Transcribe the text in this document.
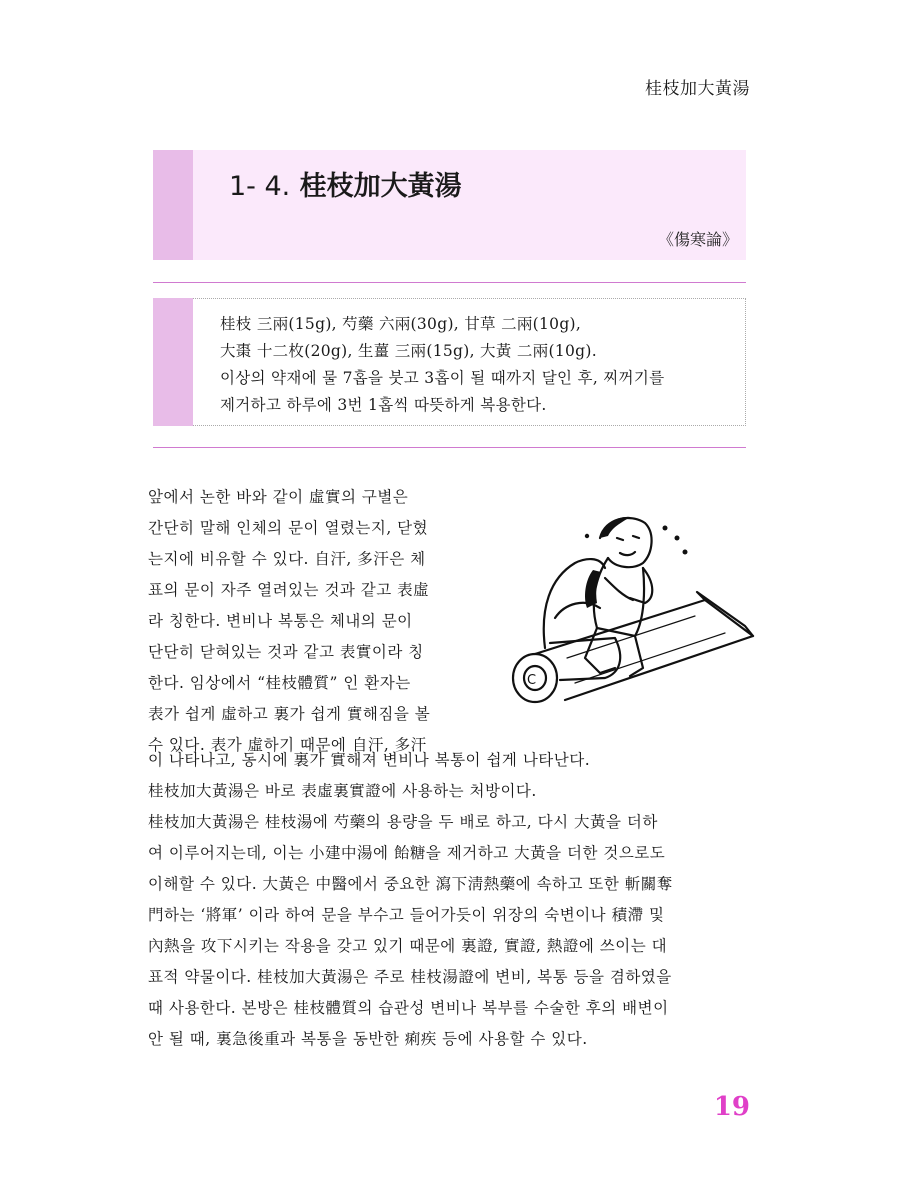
桂枝加大黃湯
1- 4. 桂枝加大黃湯
《傷寒論》
桂枝 三兩(15g), 芍藥 六兩(30g), 甘草 二兩(10g),
大棗 十二枚(20g), 生薑 三兩(15g), 大黃 二兩(10g).
이상의 약재에 물 7홉을 붓고 3홉이 될 때까지 달인 후, 찌꺼기를
제거하고 하루에 3번 1홉씩 따뜻하게 복용한다.
앞에서 논한 바와 같이 虛實의 구별은
간단히 말해 인체의 문이 열렸는지, 닫혔
는지에 비유할 수 있다. 自汗, 多汗은 체
표의 문이 자주 열려있는 것과 같고 表虛
라 칭한다. 변비나 복통은 체내의 문이
단단히 닫혀있는 것과 같고 表實이라 칭
한다. 임상에서 “桂枝體質” 인 환자는
表가 쉽게 虛하고 裏가 쉽게 實해짐을 볼
수 있다. 表가 虛하기 때문에 自汗, 多汗
C
이 나타나고, 동시에 裏가 實해져 변비나 복통이 쉽게 나타난다.
桂枝加大黃湯은 바로 表虛裏實證에 사용하는 처방이다.
桂枝加大黃湯은 桂枝湯에 芍藥의 용량을 두 배로 하고, 다시 大黃을 더하
여 이루어지는데, 이는 小建中湯에 飴糖을 제거하고 大黃을 더한 것으로도
이해할 수 있다. 大黃은 中醫에서 중요한 瀉下淸熱藥에 속하고 또한 斬關奪
門하는 ‘將軍’ 이라 하여 문을 부수고 들어가듯이 위장의 숙변이나 積滯 및
內熱을 攻下시키는 작용을 갖고 있기 때문에 裏證, 實證, 熱證에 쓰이는 대
표적 약물이다. 桂枝加大黃湯은 주로 桂枝湯證에 변비, 복통 등을 겸하였을
때 사용한다. 본방은 桂枝體質의 습관성 변비나 복부를 수술한 후의 배변이
안 될 때, 裏急後重과 복통을 동반한 痢疾 등에 사용할 수 있다.
19
